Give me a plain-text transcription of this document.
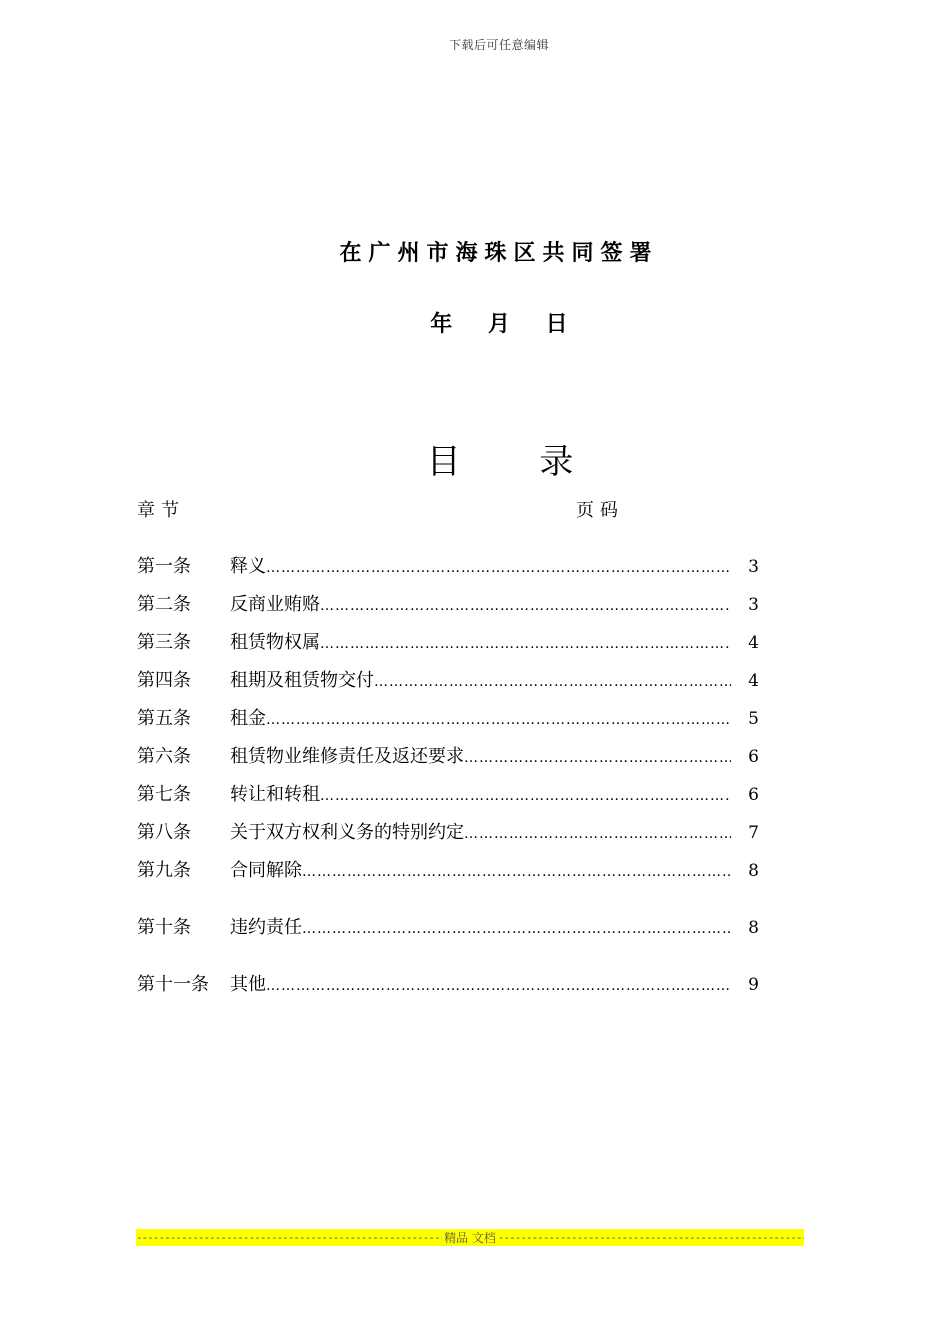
下载后可任意编辑
在广州市海珠区共同签署
年 月 日
目 录
章节	页码
第一条	释义 ………………………………………………………………………………………………………………………………………	3
第二条	反商业贿赂 ………………………………………………………………………………………………………………………………………	3
第三条	租赁物权属 ………………………………………………………………………………………………………………………………………	4
第四条	租期及租赁物交付 ………………………………………………………………………………………………………………………………………	4
第五条	租金 ………………………………………………………………………………………………………………………………………	5
第六条	租赁物业维修责任及返还要求 ………………………………………………………………………………………………………………………………………	6
第七条	转让和转租 ………………………………………………………………………………………………………………………………………	6
第八条	关于双方权利义务的特别约定 ………………………………………………………………………………………………………………………………………	7
第九条	合同解除 ………………………………………………………………………………………………………………………………………	8
第十条	违约责任 ………………………………………………………………………………………………………………………………………	8
第十一条	其他 ………………………………………………………………………………………………………………………………………	9
-----
精品 文档
-----
